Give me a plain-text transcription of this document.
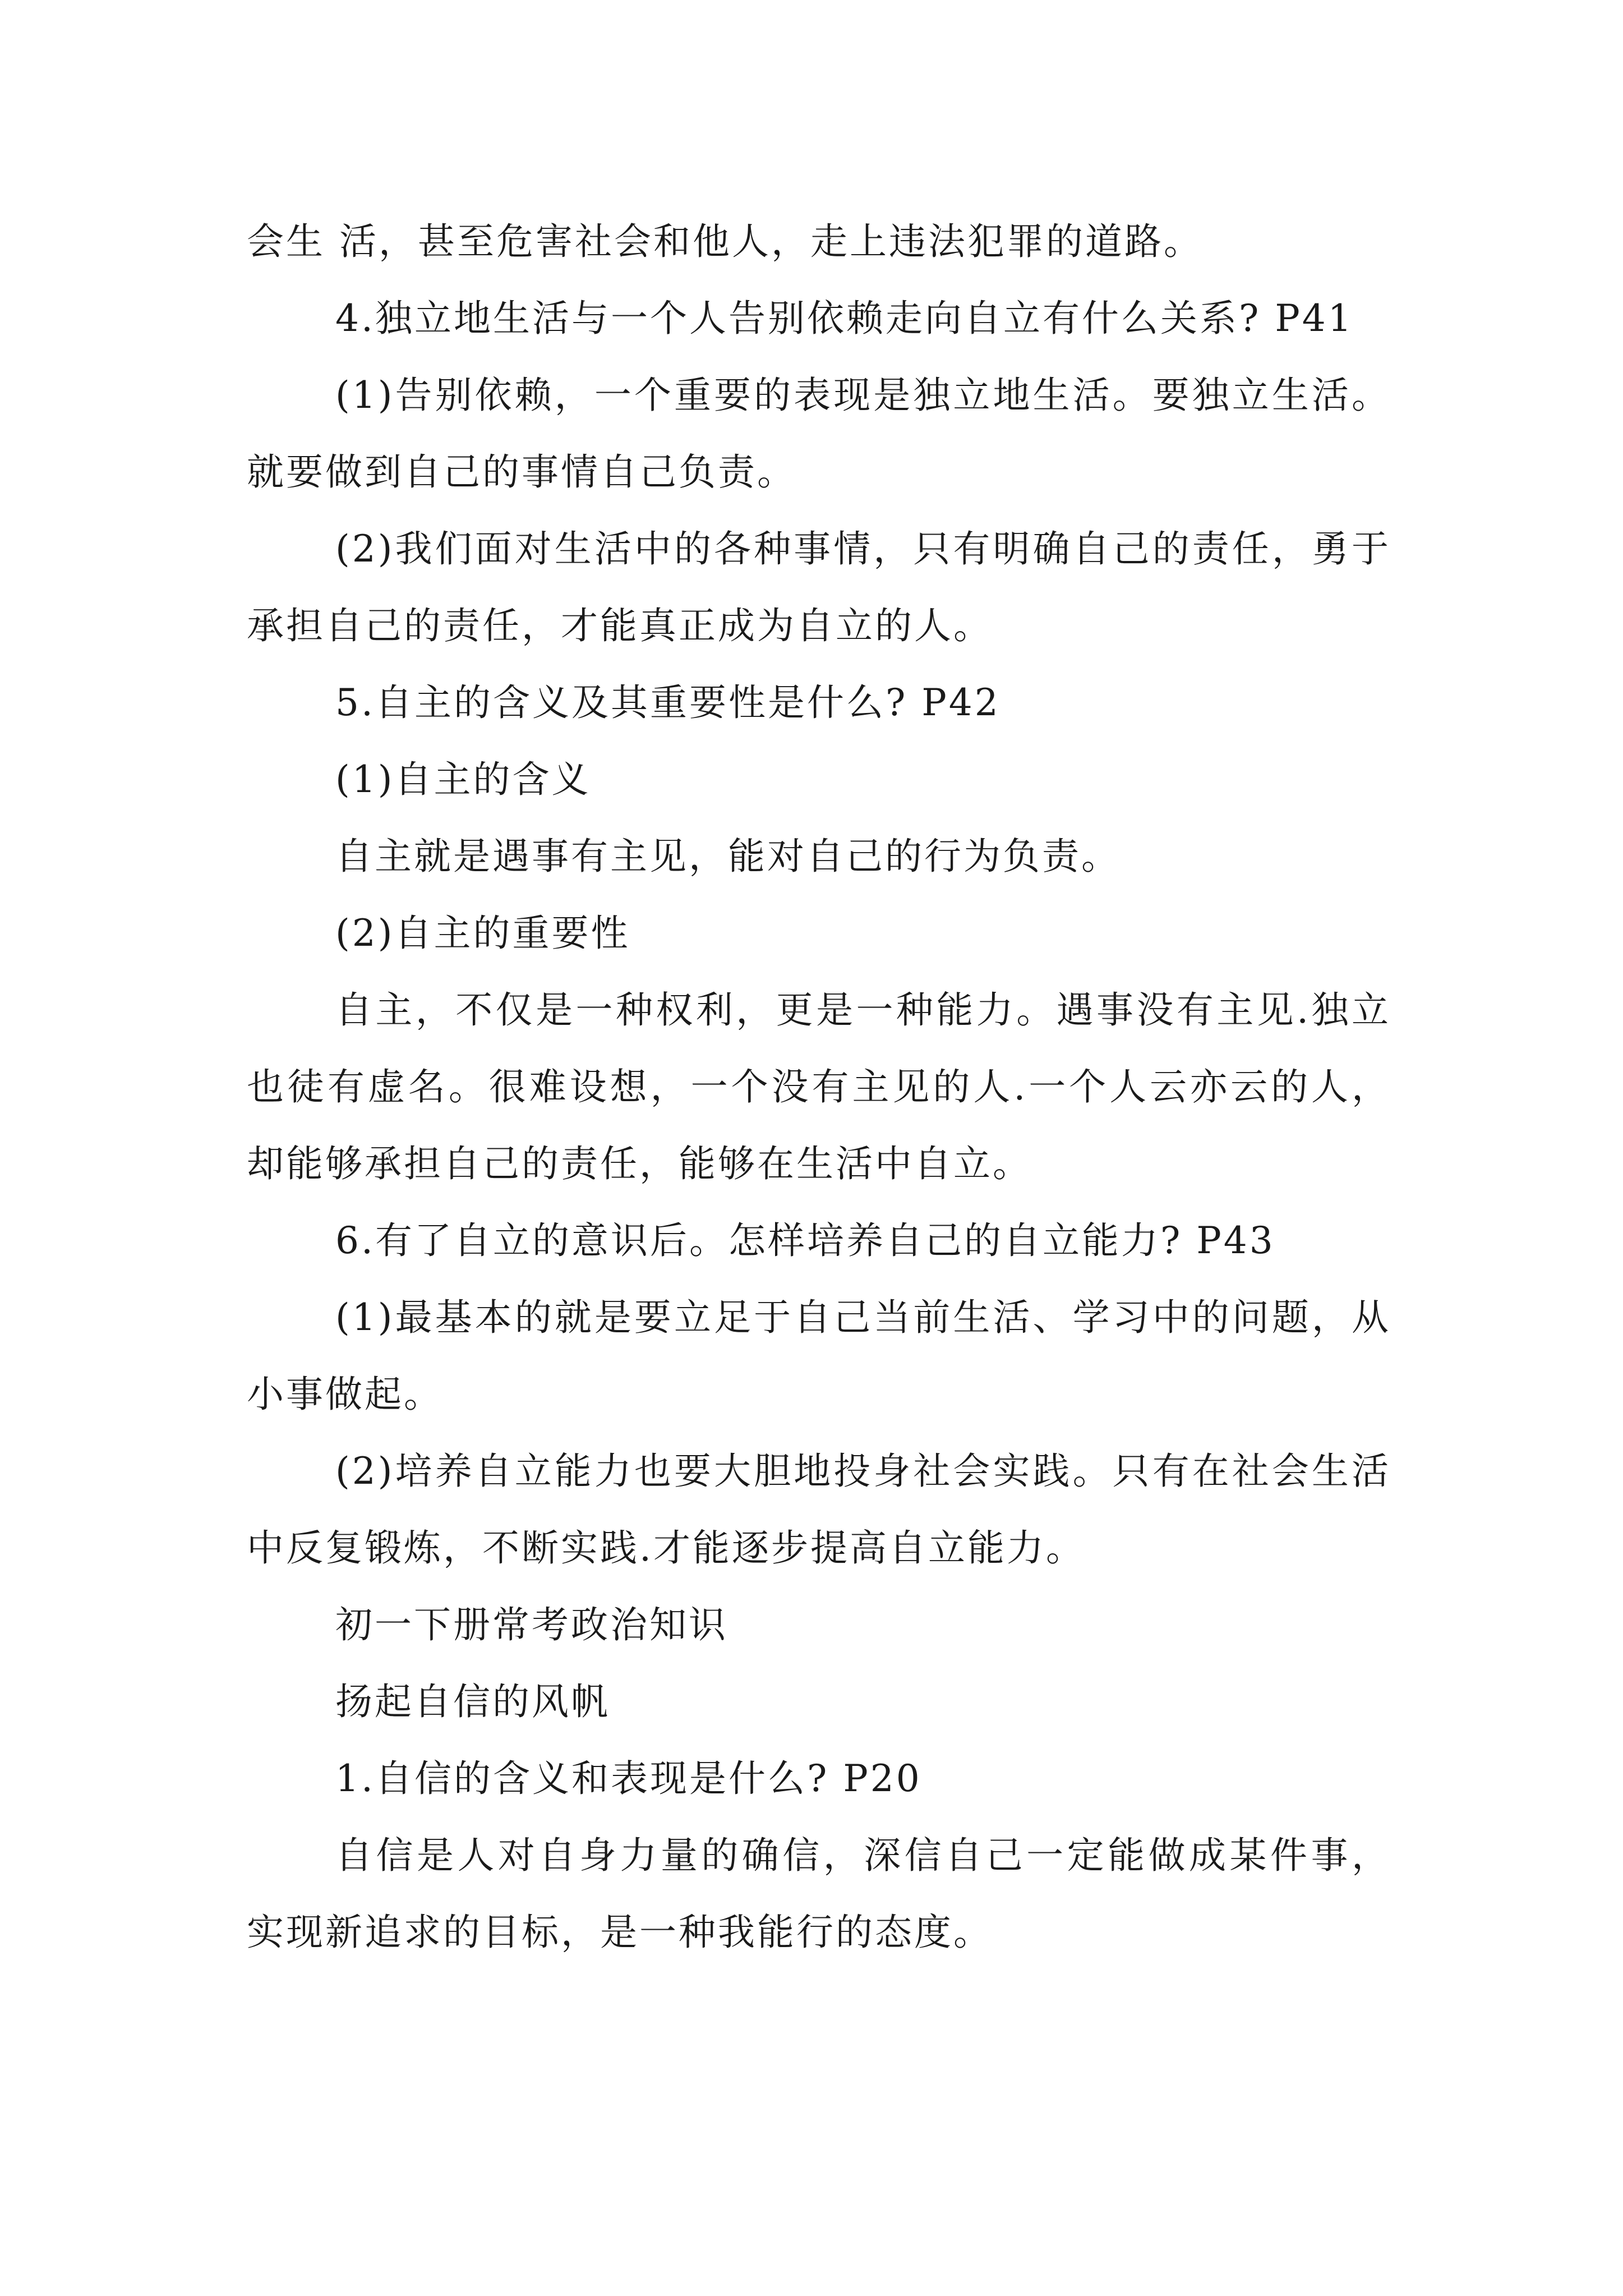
会生 活，甚至危害社会和他人，走上违法犯罪的道路。

4.独立地生活与一个人告别依赖走向自立有什么关系? P41

(1)告别依赖，一个重要的表现是独立地生活。要独立生活。就要做到自己的事情自己负责。

(2)我们面对生活中的各种事情，只有明确自己的责任，勇于承担自己的责任，才能真正成为自立的人。

5.自主的含义及其重要性是什么? P42

(1)自主的含义

自主就是遇事有主见，能对自己的行为负责。

(2)自主的重要性

自主，不仅是一种权利，更是一种能力。遇事没有主见.独立也徒有虚名。很难设想，一个没有主见的人.一个人云亦云的人，却能够承担自己的责任，能够在生活中自立。

6.有了自立的意识后。怎样培养自己的自立能力? P43

(1)最基本的就是要立足于自己当前生活、学习中的问题，从小事做起。

(2)培养自立能力也要大胆地投身社会实践。只有在社会生活中反复锻炼，不断实践.才能逐步提高自立能力。

初一下册常考政治知识

扬起自信的风帆

1.自信的含义和表现是什么? P20

自信是人对自身力量的确信，深信自己一定能做成某件事，实现新追求的目标，是一种我能行的态度。
